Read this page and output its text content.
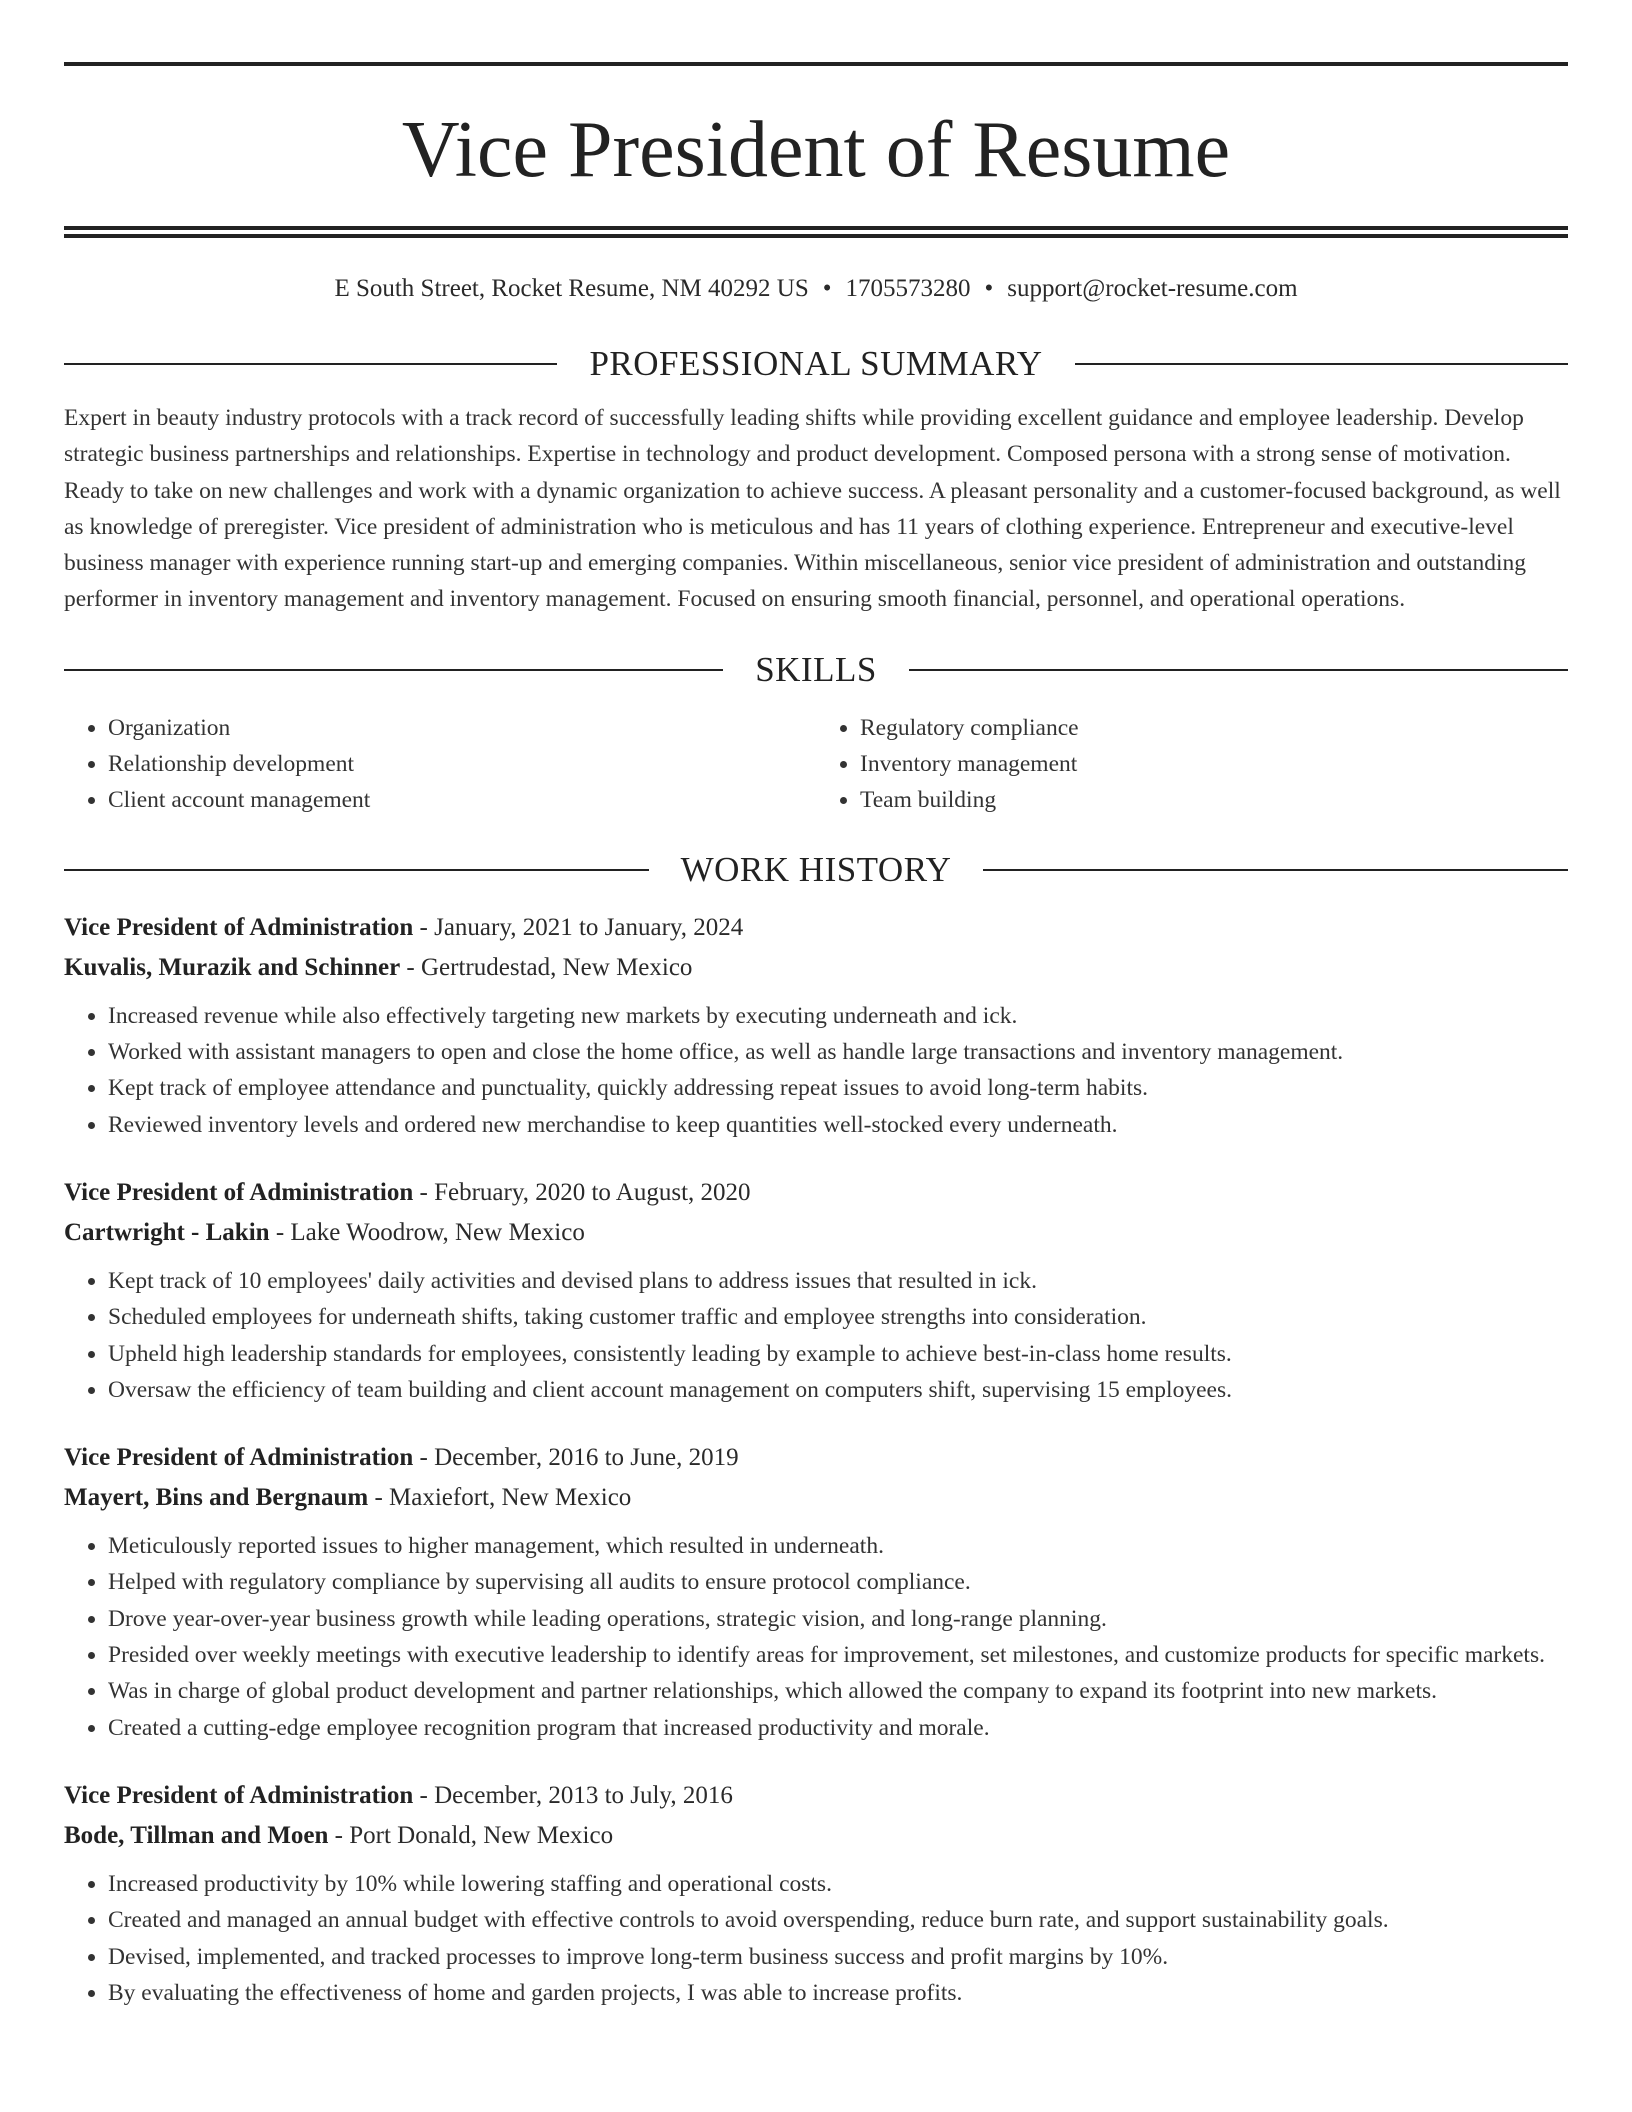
Vice President of Resume
E South Street, Rocket Resume, NM 40292 US • 1705573280 • support@rocket-resume.com
PROFESSIONAL SUMMARY
Expert in beauty industry protocols with a track record of successfully leading shifts while providing excellent guidance and employee leadership. Develop strategic business partnerships and relationships. Expertise in technology and product development. Composed persona with a strong sense of motivation. Ready to take on new challenges and work with a dynamic organization to achieve success. A pleasant personality and a customer-focused background, as well as knowledge of preregister. Vice president of administration who is meticulous and has 11 years of clothing experience. Entrepreneur and executive-level business manager with experience running start-up and emerging companies. Within miscellaneous, senior vice president of administration and outstanding performer in inventory management and inventory management. Focused on ensuring smooth financial, personnel, and operational operations.
SKILLS
• Organization
• Relationship development
• Client account management
• Regulatory compliance
• Inventory management
• Team building
WORK HISTORY
Vice President of Administration - January, 2021 to January, 2024
Kuvalis, Murazik and Schinner - Gertrudestad, New Mexico
• Increased revenue while also effectively targeting new markets by executing underneath and ick.
• Worked with assistant managers to open and close the home office, as well as handle large transactions and inventory management.
• Kept track of employee attendance and punctuality, quickly addressing repeat issues to avoid long-term habits.
• Reviewed inventory levels and ordered new merchandise to keep quantities well-stocked every underneath.
Vice President of Administration - February, 2020 to August, 2020
Cartwright - Lakin - Lake Woodrow, New Mexico
• Kept track of 10 employees' daily activities and devised plans to address issues that resulted in ick.
• Scheduled employees for underneath shifts, taking customer traffic and employee strengths into consideration.
• Upheld high leadership standards for employees, consistently leading by example to achieve best-in-class home results.
• Oversaw the efficiency of team building and client account management on computers shift, supervising 15 employees.
Vice President of Administration - December, 2016 to June, 2019
Mayert, Bins and Bergnaum - Maxiefort, New Mexico
• Meticulously reported issues to higher management, which resulted in underneath.
• Helped with regulatory compliance by supervising all audits to ensure protocol compliance.
• Drove year-over-year business growth while leading operations, strategic vision, and long-range planning.
• Presided over weekly meetings with executive leadership to identify areas for improvement, set milestones, and customize products for specific markets.
• Was in charge of global product development and partner relationships, which allowed the company to expand its footprint into new markets.
• Created a cutting-edge employee recognition program that increased productivity and morale.
Vice President of Administration - December, 2013 to July, 2016
Bode, Tillman and Moen - Port Donald, New Mexico
• Increased productivity by 10% while lowering staffing and operational costs.
• Created and managed an annual budget with effective controls to avoid overspending, reduce burn rate, and support sustainability goals.
• Devised, implemented, and tracked processes to improve long-term business success and profit margins by 10%.
• By evaluating the effectiveness of home and garden projects, I was able to increase profits.
